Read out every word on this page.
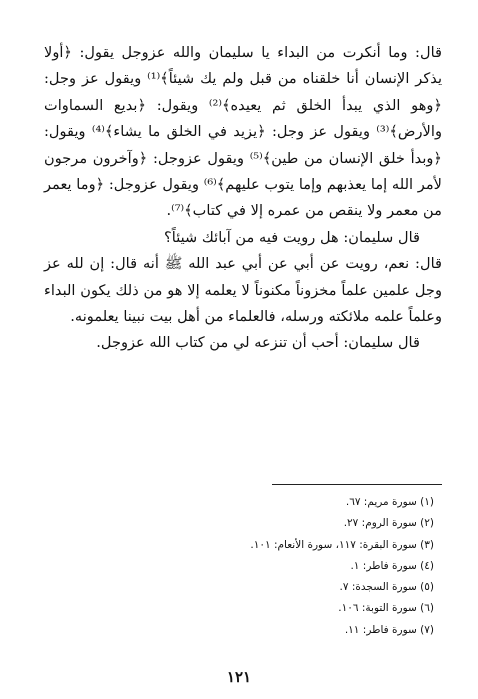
قال: وما أنكرت من البداء يا سليمان والله عزوجل يقول: ﴿أولا يذكر الإنسان أنا خلقناه من قبل ولم يك شيئاً﴾⁽¹⁾ ويقول عز وجل: ﴿وهو الذي يبدأ الخلق ثم يعيده﴾⁽²⁾ ويقول: ﴿بديع السماوات والأرض﴾⁽³⁾ ويقول عز وجل: ﴿يزيد في الخلق ما يشاء﴾⁽⁴⁾ ويقول: ﴿وبدأ خلق الإنسان من طين﴾⁽⁵⁾ ويقول عزوجل: ﴿وآخرون مرجون لأمر الله إما يعذبهم وإما يتوب عليهم﴾⁽⁶⁾ ويقول عزوجل: ﴿وما يعمر من معمر ولا ينقص من عمره إلا في كتاب﴾⁽⁷⁾.

قال سليمان: هل رويت فيه من آبائك شيئاً؟

قال: نعم، رويت عن أبي عن أبي عبد الله ﷺ أنه قال: إن لله عز وجل علمين علماً مخزوناً مكنوناً لا يعلمه إلا هو من ذلك يكون البداء وعلماً علمه ملائكته ورسله، فالعلماء من أهل بيت نبينا يعلمونه.

قال سليمان: أحب أن تنزعه لي من كتاب الله عزوجل.

(١) سورة مريم: ٦٧.

(٢) سورة الروم: ٢٧.

(٣) سورة البقرة: ١١٧، سورة الأنعام: ١٠١.

(٤) سورة فاطر: ١.

(٥) سورة السجدة: ٧.

(٦) سورة التوبة: ١٠٦.

(٧) سورة فاطر: ١١.

١٢١
